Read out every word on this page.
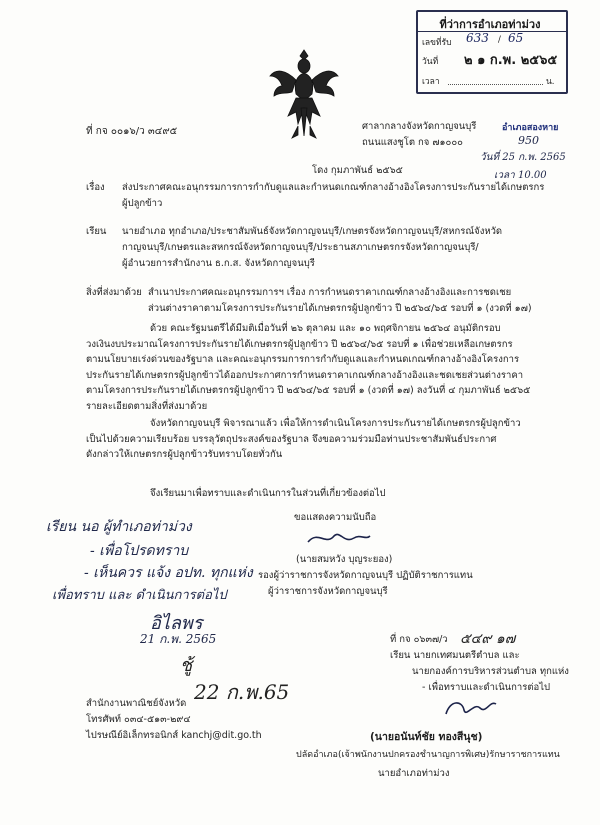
ที่ว่าการอำเภอท่าม่วง
เลขที่รับ 633 / 65
วันที่ ๒ ๑ ก.พ. ๒๕๖๕
เวลา	น.
ที่ กจ ๐๐๑๖/ว ๓๔๙๕	ศาลากลางจังหวัดกาญจนบุรี
ถนนแสงชูโต กจ ๗๑๐๐๐
โดง กุมภาพันธ์ ๒๕๖๕
อำเภอสองหาย
950
วันที่ 25 ก.พ. 2565
เวลา 10.00
เรื่อง ส่งประกาศคณะอนุกรรมการการกำกับดูแลและกำหนดเกณฑ์กลางอ้างอิงโครงการประกันรายได้เกษตรกร
ผู้ปลูกข้าว
เรียน นายอำเภอ ทุกอำเภอ/ประชาสัมพันธ์จังหวัดกาญจนบุรี/เกษตรจังหวัดกาญจนบุรี/สหกรณ์จังหวัด
กาญจนบุรี/เกษตรและสหกรณ์จังหวัดกาญจนบุรี/ประธานสภาเกษตรกรจังหวัดกาญจนบุรี/
ผู้อำนวยการสำนักงาน ธ.ก.ส. จังหวัดกาญจนบุรี
สิ่งที่ส่งมาด้วย สำเนาประกาศคณะอนุกรรมการฯ เรื่อง การกำหนดราคาเกณฑ์กลางอ้างอิงและการชดเชย
ส่วนต่างราคาตามโครงการประกันรายได้เกษตรกรผู้ปลูกข้าว ปี ๒๕๖๔/๖๕ รอบที่ ๑ (งวดที่ ๑๗)
ด้วย คณะรัฐมนตรีได้มีมติเมื่อวันที่ ๒๖ ตุลาคม และ ๑๐ พฤศจิกายน ๒๕๖๔ อนุมัติกรอบ
วงเงินงบประมาณโครงการประกันรายได้เกษตรกรผู้ปลูกข้าว ปี ๒๕๖๔/๖๕ รอบที่ ๑ เพื่อช่วยเหลือเกษตรกร
ตามนโยบายเร่งด่วนของรัฐบาล และคณะอนุกรรมการการกำกับดูแลและกำหนดเกณฑ์กลางอ้างอิงโครงการ
ประกันรายได้เกษตรกรผู้ปลูกข้าวได้ออกประกาศการกำหนดราคาเกณฑ์กลางอ้างอิงและชดเชยส่วนต่างราคา
ตามโครงการประกันรายได้เกษตรกรผู้ปลูกข้าว ปี ๒๕๖๔/๖๕ รอบที่ ๑ (งวดที่ ๑๗) ลงวันที่ ๔ กุมภาพันธ์ ๒๕๖๕
รายละเอียดตามสิ่งที่ส่งมาด้วย
จังหวัดกาญจนบุรี พิจารณาแล้ว เพื่อให้การดำเนินโครงการประกันรายได้เกษตรกรผู้ปลูกข้าว
เป็นไปด้วยความเรียบร้อย บรรลุวัตถุประสงค์ของรัฐบาล จึงขอความร่วมมือท่านประชาสัมพันธ์ประกาศ
ดังกล่าวให้เกษตรกรผู้ปลูกข้าวรับทราบโดยทั่วกัน
จึงเรียนมาเพื่อทราบและดำเนินการในส่วนที่เกี่ยวข้องต่อไป
ขอแสดงความนับถือ
(นายสมหวัง บุญระยอง)
รองผู้ว่าราชการจังหวัดกาญจนบุรี ปฏิบัติราชการแทน
ผู้ว่าราชการจังหวัดกาญจนบุรี
เรียน นอ ผู้ทำเภอท่าม่วง
- เพื่อโปรดทราบ
- เห็นควร แจ้ง อปท. ทุกแห่ง
เพื่อทราบ และ ดำเนินการต่อไป
อิไลพร
21 ก.พ. 2565
ชู้
22 ก.พ.65
สำนักงานพาณิชย์จังหวัด
โทรศัพท์ ๐๓๔-๕๑๓-๒๙๔
ไปรษณีย์อิเล็กทรอนิกส์ kanchj@dit.go.th
ที่ กจ ๐๖๓๗/ว ๕๔๙ ๑๗
เรียน นายกเทศมนตรีตำบล และ
นายกองค์การบริหารส่วนตำบล ทุกแห่ง
- เพื่อทราบและดำเนินการต่อไป
(นายอนันท์ชัย ทองสีนุช)
ปลัดอำเภอ(เจ้าพนักงานปกครองชำนาญการพิเศษ)รักษาราชการแทน
นายอำเภอท่าม่วง
